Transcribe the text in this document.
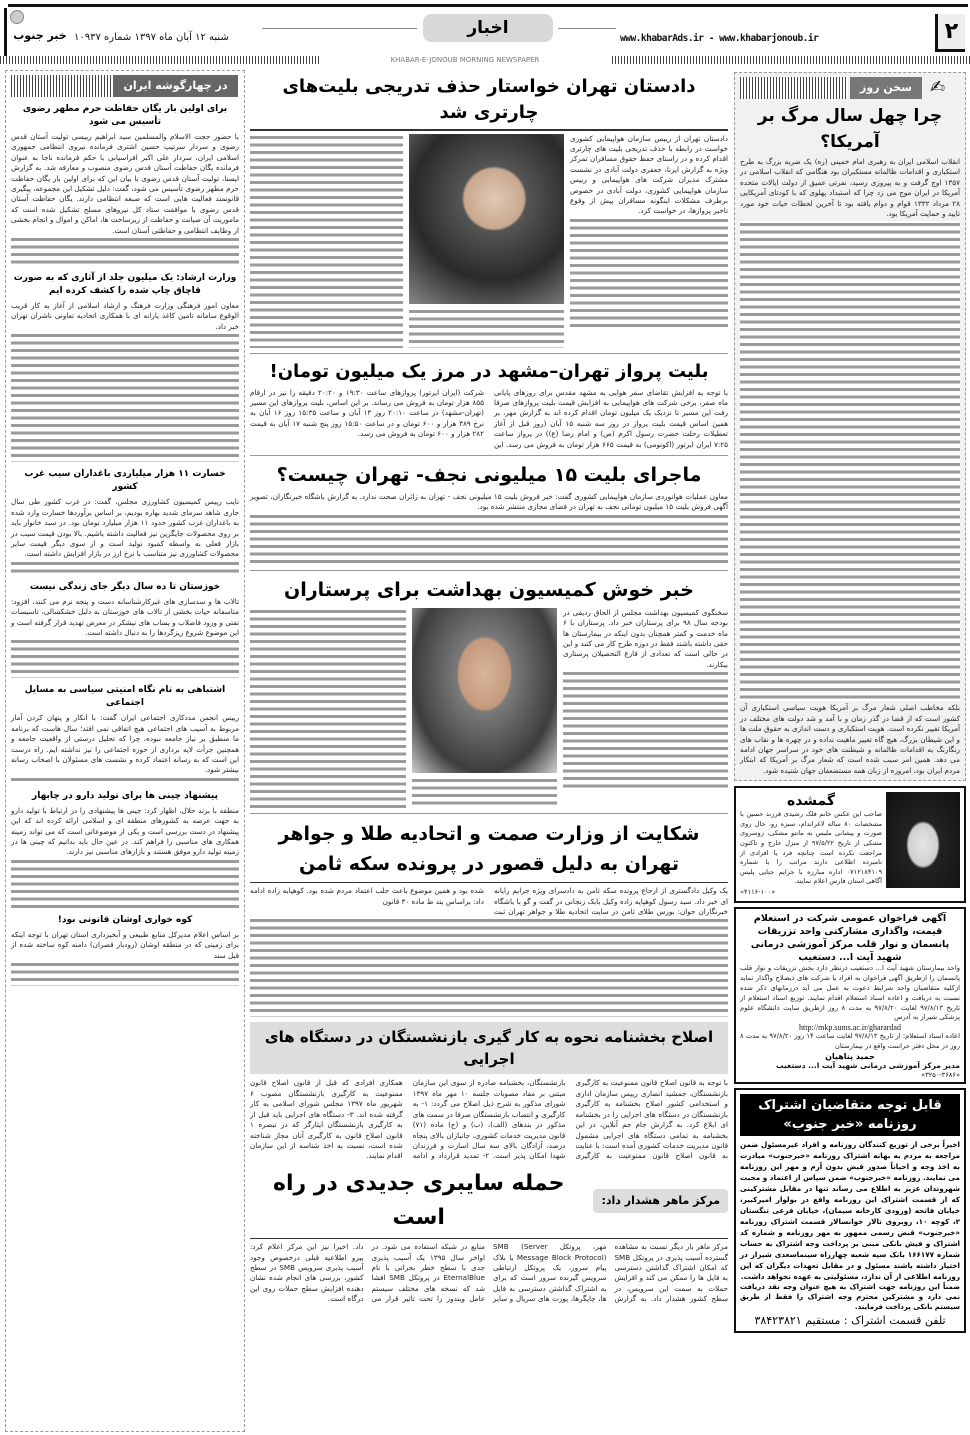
خبر جنوب شنبه ۱۲ آبان ماه ۱۳۹۷ شماره ۱۰۹۳۷	اخبار
www.khabarAds.ir - www.khabarjonoub.ir	۲
KHABAR-E-JONOUB MORNING NEWSPAPER
در چهارگوشه ایران
برای اولین بار یگان حفاظت حرم مطهر رضوی تأسیس می شود
با حضور حجت الاسلام والمسلمین سید ابراهیم رییسی تولیت آستان قدس رضوی و سردار سرتیپ حسین اشتری فرمانده نیروی انتظامی جمهوری اسلامی ایران، سردار علی اکبر افراسیابی با حکم فرمانده ناجا به عنوان فرمانده یگان حفاظت آستان قدس رضوی منصوب و معارفه شد. به گزارش ایسنا، تولیت آستان قدس رضوی با بیان این که برای اولین بار یگان حفاظت حرم مطهر رضوی تأسیس می شود، گفت: دلیل تشکیل این مجموعه، پیگیری قانونمند فعالیت هایی است که صبغه انتظامی دارند. یگان حفاظت آستان قدس رضوی با موافقت ستاد کل نیروهای مسلح تشکیل شده است که ماموریت آن صیانت و حفاظت از زیرساخت ها، اماکن و اموال و انجام بخشی از وظایف انتظامی و حفاظتی آستان است.
وزارت ارشاد: یک میلیون جلد از آثاری که به صورت قاچاق چاپ شده را کشف کرده ایم
معاون امور فرهنگی وزارت فرهنگ و ارشاد اسلامی از آغاز به کار قریب الوقوع سامانه تامین کاغذ یارانه ای با همکاری اتحادیه تعاونی ناشران تهران خبر داد.
خسارت ۱۱ هزار میلیاردی باغداران سیب غرب کشور
نایب رییس کمیسیون کشاورزی مجلس، گفت: در غرب کشور طی سال جاری شاهد سرمای شدید بهاره بودیم، بر اساس برآوردها خسارت وارد شده به باغداران غرب کشور حدود ۱۱ هزار میلیارد تومان بود. در سبد خانوار باید بر روی محصولات جایگزین نیز فعالیت داشته باشیم. بالا بودن قیمت سیب در بازار فعلی به واسطه کمبود تولید است و از سوی دیگر قیمت سایر محصولات کشاورزی نیز متناسب با نرخ ارز در بازار افزایش داشته است.
خوزستان تا ده سال دیگر جای زندگی نیست
تالاب ها و سدسازی های غیرکارشناسانه دست و پنجه نرم می کنند، افزود: متاسفانه حیات بخشی از تالاب های خوزستان به دلیل خشکسالی، تاسیسات نفتی و ورود فاضلاب و پساب های نیشکر در معرض تهدید قرار گرفته است و این موضوع شروع ریزگردها را به دنبال داشته است.
اشتباهی به نام نگاه امنیتی سیاسی به مسایل اجتماعی
رییس انجمن مددکاری اجتماعی ایران گفت: با انکار و پنهان کردن آمار مربوط به آسیب های اجتماعی هیچ اتفاقی نمی افتد؛ سال هاست که برنامه ما منطبق بر نیاز جامعه نبوده، چرا که تحلیل درستی از واقعیت جامعه و همچنین جرأت لایه برداری از حوزه اجتماعی را نیز نداشته ایم. راه درست این است که به رسانه اعتماد کرده و نشست های مسئولان با اصحاب رسانه بیشتر شود.
پیشنهاد چینی ها برای تولید دارو در چابهار
منطقه با برند حلال، اظهار کرد: چینی ها پیشنهادی را در ارتباط با تولید دارو به جهت عرضه به کشورهای منطقه ای و اسلامی ارائه کرده اند که این پیشنهاد در دست بررسی است و یکی از موضوعاتی است که می تواند زمینه همکاری های مناسبی را فراهم کند. در عین حال باید بدانیم که چینی ها در زمینه تولید دارو موفق هستند و بازارهای مناسبی نیز دارند.
کوه خواری اوشان قانونی بود!
بر اساس اعلام مدیرکل منابع طبیعی و آبخیزداری استان تهران با توجه اینکه برای زمینی که در منطقه اوشان (رودبار قصران) دامنه کوه ساخته شده از قبل سند
دادستان تهران خواستار حذف تدریجی بلیت‌های چارتری شد
دادستان تهران از رییس سازمان هواپیمایی کشوری خواست در رابطه با حذف تدریجی بلیت های چارتری اقدام کرده و در راستای حفظ حقوق مسافران تمرکز ویژه به گزارش ایرنا، جعفری دولت آبادی در نشست مشترک مدیران شرکت های هواپیمایی و رییس سازمان هواپیمایی کشوری، دولت آبادی در خصوص برطرف مشکلات اینگونه مسافران پیش از وقوع تاخیر پروازها، در خواست کرد.
بلیت پرواز تهران–مشهد در مرز یک میلیون تومان!
با توجه به افزایش تقاضای سفر هوایی به مشهد مقدس برای روزهای پایانی ماه صفر، برخی شرکت های هواپیمایی به افزایش قیمت بلیت پروازهای صرفا رفت این مسیر تا نزدیک یک میلیون تومان اقدام کرده اند به گزارش مهر، بر همین اساس قیمت بلیت پرواز در روز سه شنبه ۱۵ آبان (روز قبل از آغاز تعطیلات رحلت حضرت رسول اکرم (ص) و امام رضا (ع)) در پرواز ساعت ۷:۲۵ ایران ایرتور (اکونومی) به قیمت ۶۶۵ هزار تومان به فروش می رسد. این شرکت (ایران ایرتور) پروازهای ساعت ۱۹:۳۰ و ۲۰:۲۰ دقیقه را نیز در ارقام ۸۵۵ هزار تومان به فروش می رساند. بر این اساس، بلیت پروازهای این مسیر (تهران-مشهد) در ساعت ۲۰:۱۰ روز ۱۳ آبان و ساعت ۱۵:۳۵ روز ۱۶ آبان به نرخ ۳۸۹ هزار و ۶۰۰ تومان و در ساعت ۱۵:۵۰ روز پنج شنبه ۱۷ آبان به قیمت ۲۸۲ هزار و ۶۰۰ تومان به فروش می رسد.
ماجرای بلیت ۱۵ میلیونی نجف- تهران چیست؟
معاون عملیات هوانوردی سازمان هواپیمایی کشوری گفت: خبر فروش بلیت ۱۵ میلیونی نجف - تهران به زائران صحت ندارد. به گزارش باشگاه خبرنگاران، تصویر آگهی فروش بلیت ۱۵ میلیون تومانی نجف به تهران در فضای مجازی منتشر شده بود.
خبر خوش کمیسیون بهداشت برای پرستاران
سخنگوی کمیسیون بهداشت مجلس از الحاق ردیفی در بودجه سال ۹۸ برای پرستاران خبر داد. پرستاران با ۶ ماه خدمت و کمتر همچنان بدون اینکه در بیمارستان ها حقی داشته باشند فقط در دوره طرح کار می کنند و این در حالی است که تعدادی از فارغ التحصیلان پرستاری بیکارند.
شکایت از وزارت صمت و اتحادیه طلا و جواهر تهران به دلیل قصور در پرونده سکه ثامن
یک وکیل دادگستری از ارجاع پرونده سکه ثامن به دادسرای ویژه جرایم رایانه ای خبر داد. سید رسول کوهپایه زاده وکیل بابک زنجانی در گفت و گو با باشگاه خبرنگاران جوان: بورس طلای ثامن در سایت اتحادیه طلا و جواهر تهران ثبت شده بود و همین موضوع باعث جلب اعتماد مردم شده بود. کوهپایه زاده ادامه داد: براساس بند ط ماده ۳۰ قانون
اصلاح بخشنامه نحوه به کار گیری بازنشستگان در دستگاه های اجرایی
با توجه به قانون اصلاح قانون ممنوعیت به کارگیری بازنشستگان، جمشید انصاری رییس سازمان اداری و استخدامی کشور اصلاح بخشنامه به کارگیری بازنشستگان در دستگاه های اجرایی را در بخشنامه ای ابلاغ کرد. به گزارش جام جم آنلاین، در این بخشنامه به تمامی دستگاه های اجرایی مشمول قانون مدیریت خدمات کشوری آمده است: با عنایت به قانون اصلاح قانون ممنوعیت به کارگیری بازنشستگان، بخشنامه صادره از سوی این سازمان مبتنی بر مفاد مصوبات جلسه ۱۰ مهر ماه ۱۳۹۷ شورای مذکور به شرح ذیل اصلاح می گردد: ۱- به کارگیری و انتصاب بازنشستگان صرفا در سمت های مذکور در بندهای (الف)، (ب) و (ج) ماده (۷۱) قانون مدیریت خدمات کشوری، جانبازان بالای پنجاه درصد، آزادگان بالای سه سال اسارت و فرزندان شهدا امکان پذیر است. ۲- تمدید قرارداد و ادامه همکاری افرادی که قبل از قانون اصلاح قانون ممنوعیت به کارگیری بازنشستگان مصوب ۶ شهریور ماه ۱۳۹۷ مجلس شورای اسلامی به کار گرفته شده اند. ۳- دستگاه های اجرایی باید قبل از به کارگیری بازنشستگان ایثارگر که در تبصره ۱ قانون اصلاح قانون به کارگیری آنان مجاز شناخته شده است، نسبت به اخذ شناسه از این سازمان اقدام نمایند.
مرکز ماهر هشدار داد:
حمله سایبری جدیدی در راه است
مرکز ماهر بار دیگر نسبت به مشاهده گسترده آسیب پذیری در پروتکل SMB که امکان اشتراک گذاشتن دسترسی به فایل ها را ممکن می کند و افزایش حملات به سمت این سرویس، در سطح کشور هشدار داد. به گزارش مهر، پروتکل SMB (Server Message Block Protocol) یا بلاک پیام سرور، یک پروتکل ارتباطی سرویس گیرنده سرور است که برای به اشتراک گذاشتن دسترسی به فایل ها، چاپگرها، پورت های سریال و سایر منابع در شبکه استفاده می شود. در اواخر سال ۱۳۹۵ یک آسیب پذیری جدی با سطح خطر بحرانی با نام EternalBlue در پروتکل SMB افشا شد که نسخه های مختلف سیستم عامل ویندوز را تحت تاثیر قرار می داد. اخیرا نیز این مرکز اعلام کرد: پیرو اطلاعیه قبلی درخصوص وجود آسیب پذیری سرویس SMB در سطح کشور، بررسی های انجام شده نشان دهنده افزایش سطح حملات روی این درگاه است.
سخن روز	✍
چرا چهل سال مرگ بر آمریکا؟
انقلاب اسلامی ایران به رهبری امام خمینی (ره) یک ضربه بزرگ به طرح استکباری و اقدامات ظالمانه مستکبران بود هنگامی که انقلاب اسلامی در ۱۳۵۷ اوج گرفت و به پیروزی رسید، نفرتی عمیق از دولت ایالات متحده آمریکا در ایران موج می زد چرا که استبداد پهلوی که با کودتای آمریکایی ۲۸ مرداد ۱۳۳۲ قوام و دوام یافته بود تا آخرین لحظات حیات خود مورد تایید و حمایت آمریکا بود.
بلکه مخاطب اصلی شعار مرگ بر آمریکا هویت سیاسی استکباری آن کشور است که از قضا در گذر زمان و با آمد و شد دولت های مختلف در آمریکا تغییر نکرده است. هویت استکباری و دست اندازی به حقوق ملت ها و این شیطان بزرگ، هیچ گاه تغییر ماهیت نداده و در چهره ها و نقاب های رنگارنگ به اقدامات ظالمانه و شیطنت های خود در سراسر جهان ادامه می دهد. همین امر سبب شده است که شعار مرگ بر آمریکا که ابتکار مردم ایران بود، امروزه از زبان همه مستضعفان جهان شنیده شود.
گمشده
صاحب این عکس خانم فلک رشیدی فرزند حسین با مشخصات ۸۰ ساله لاغراندام، سبزه رو، خال روی صورت و پیشانی ملبس به مانتو مشکی، روسروی مشکی از تاریخ ۹۷/۵/۲۲ از منزل خارج و تاکنون مراجعت نکرده است چنانچه فرد یا افرادی از نامبرده اطلاعی دارند مراتب را با شماره ۰۷۱۲۱۸۴۱۰۹ اداره مبارزه با جرایم جنایی پلیس آگاهی استان فارس اعلام نمایند.
«۴۱۱۶-۱۰۰»
آگهی فراخوان عمومی شرکت در استعلام قیمت، واگذاری مشارکتی واحد تزریقات پانسمان و نوار قلب مرکز آموزشی درمانی شهید آیت ا... دستغیب
واحد بیمارستان شهید آیت ا... دستغیب درنظر دارد بخش تزریقات و نوار قلب پانسمان را ازطریق آگهی فراخوان به افراد یا شرکت های ذیصلاح واگذار نماید ازکلیه متقاضیان واجد شرایط دعوت به عمل می آید درزمانهای ذکر شده نسبت به دریافت و اعاده اسناد استعلام اقدام نمایند. توزیع اسناد استعلام از تاریخ ۹۷/۸/۱۳ لغایت ۹۷/۸/۲۰ به مدت ۸ روز ازطریق سایت دانشگاه علوم پزشکی شیراز به آدرس
http://mkp.sums.ac.ir/gharardad
اعاده اسناد استعلام: از تاریخ ۹۷/۸/۱۳ لغایت ساعت ۱۴ روز ۹۷/۸/۲۰ به مدت ۸ روز در محل دفتر حراست واقع در بیمارستان
حمید پناهیان
مدیر مرکز آموزشی درمانی شهید آیت ا... دستغیب «۳۶۸۶-۳۲۵۰»
قابل توجه متقاضیان اشتراک روزنامه «خبر جنوب»
اخیراً برخی از توزیع کنندگان روزنامه و افراد غیرمسئول ضمن مراجعه به مردم به بهانه اشتراک روزنامه «خبرجنوب» مبادرت به اخذ وجه و احیاناً صدور قبض بدون آرم و مهر این روزنامه می نمایند. روزنامه «خبرجنوب» ضمن سپاس از اعتماد و محبت شهروندان عزیز به اطلاع می رساند تنها در مقابل مشترکینی که از قسمت اشتراک این روزنامه واقع در بولوار امیرکبیر، خیابان فاتحه (ورودی کارخانه سیمان)، خیابان فرعی تنگستان ۲، کوچه ۱۰، روبروی تالار خوانسالار قسمت اشتراک روزنامه «خبرجنوب» قبض رسمی ممهور به مهر روزنامه و شماره کد اشتراک و فیش بانکی مبنی بر پرداخت وجه اشتراک به حساب شماره ۱۶۶۱۷۷ بانک سپه شعبه چهارراه سینماسعدی شیراز در اختیار داشته باشند مسئول و در مقابل تعهدات دیگران که این روزنامه اطلاعی از آن ندارد، مسئولیتی به عهده نخواهد داشت.
ضمناً این روزنامه جهت اشتراک به هیچ عنوان وجه نقد دریافت نمی دارد و مشترکین محترم وجه اشتراک را فقط از طریق سیستم بانکی پرداخت فرمایند.
تلفن قسمت اشتراک : مستقیم ۳۸۴۲۳۸۲۱
